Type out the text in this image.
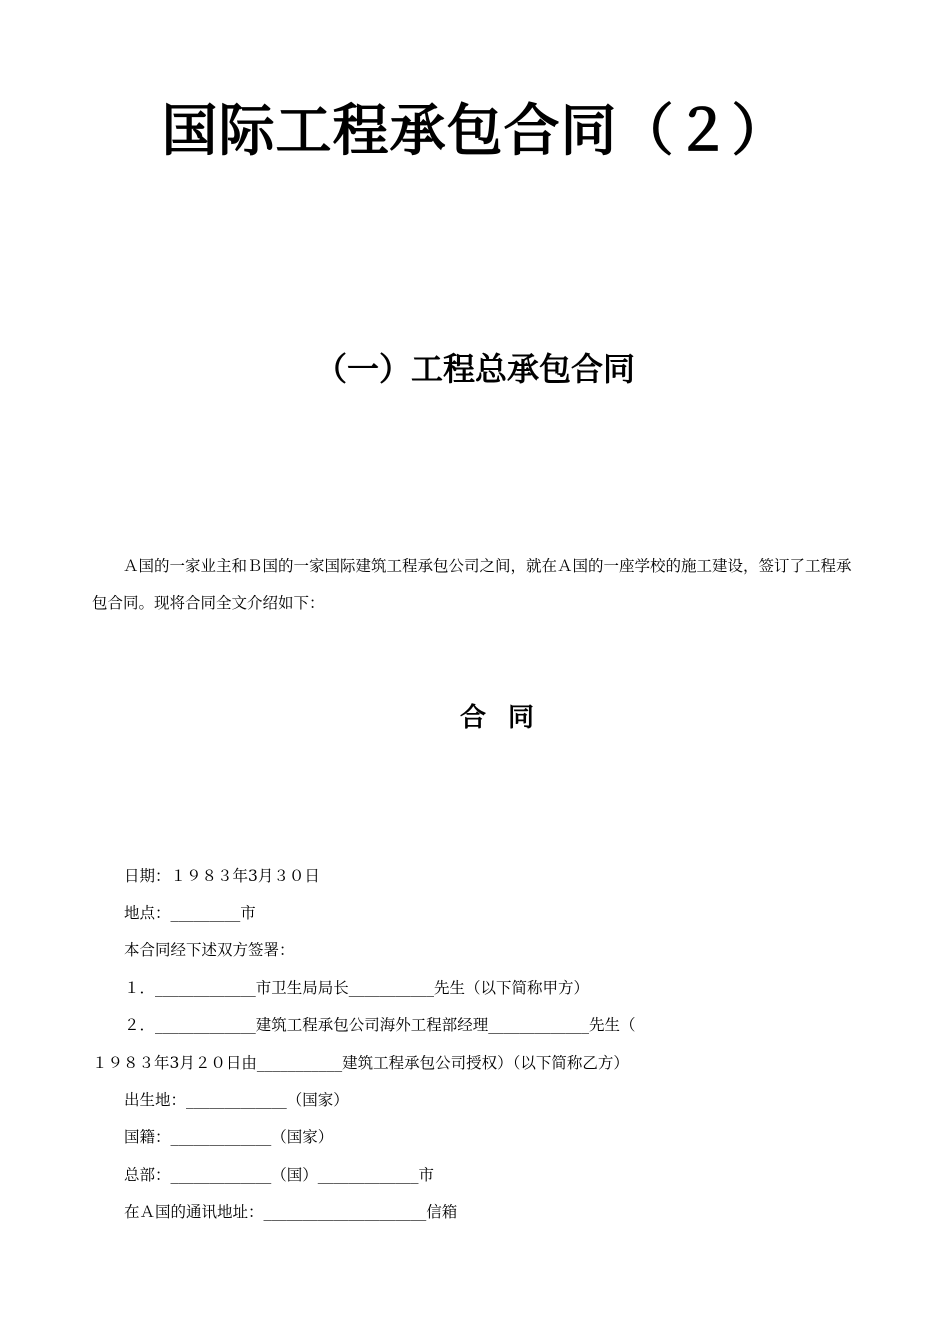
国际工程承包合同（２）
（一）工程总承包合同
Ａ国的一家业主和Ｂ国的一家国际建筑工程承包公司之间，就在Ａ国的一座学校的施工建设，签订了工程承包合同。现将合同全文介绍如下：
合同
日期：１９８３年3月３０日
地点：_________市
本合同经下述双方签署：
１．_____________市卫生局局长___________先生（以下简称甲方）
２．_____________建筑工程承包公司海外工程部经理_____________先生（
１９８３年3月２０日由___________建筑工程承包公司授权）（以下简称乙方）
出生地：_____________（国家）
国籍：_____________（国家）
总部：_____________（国）_____________市
在Ａ国的通讯地址：_____________________信箱
